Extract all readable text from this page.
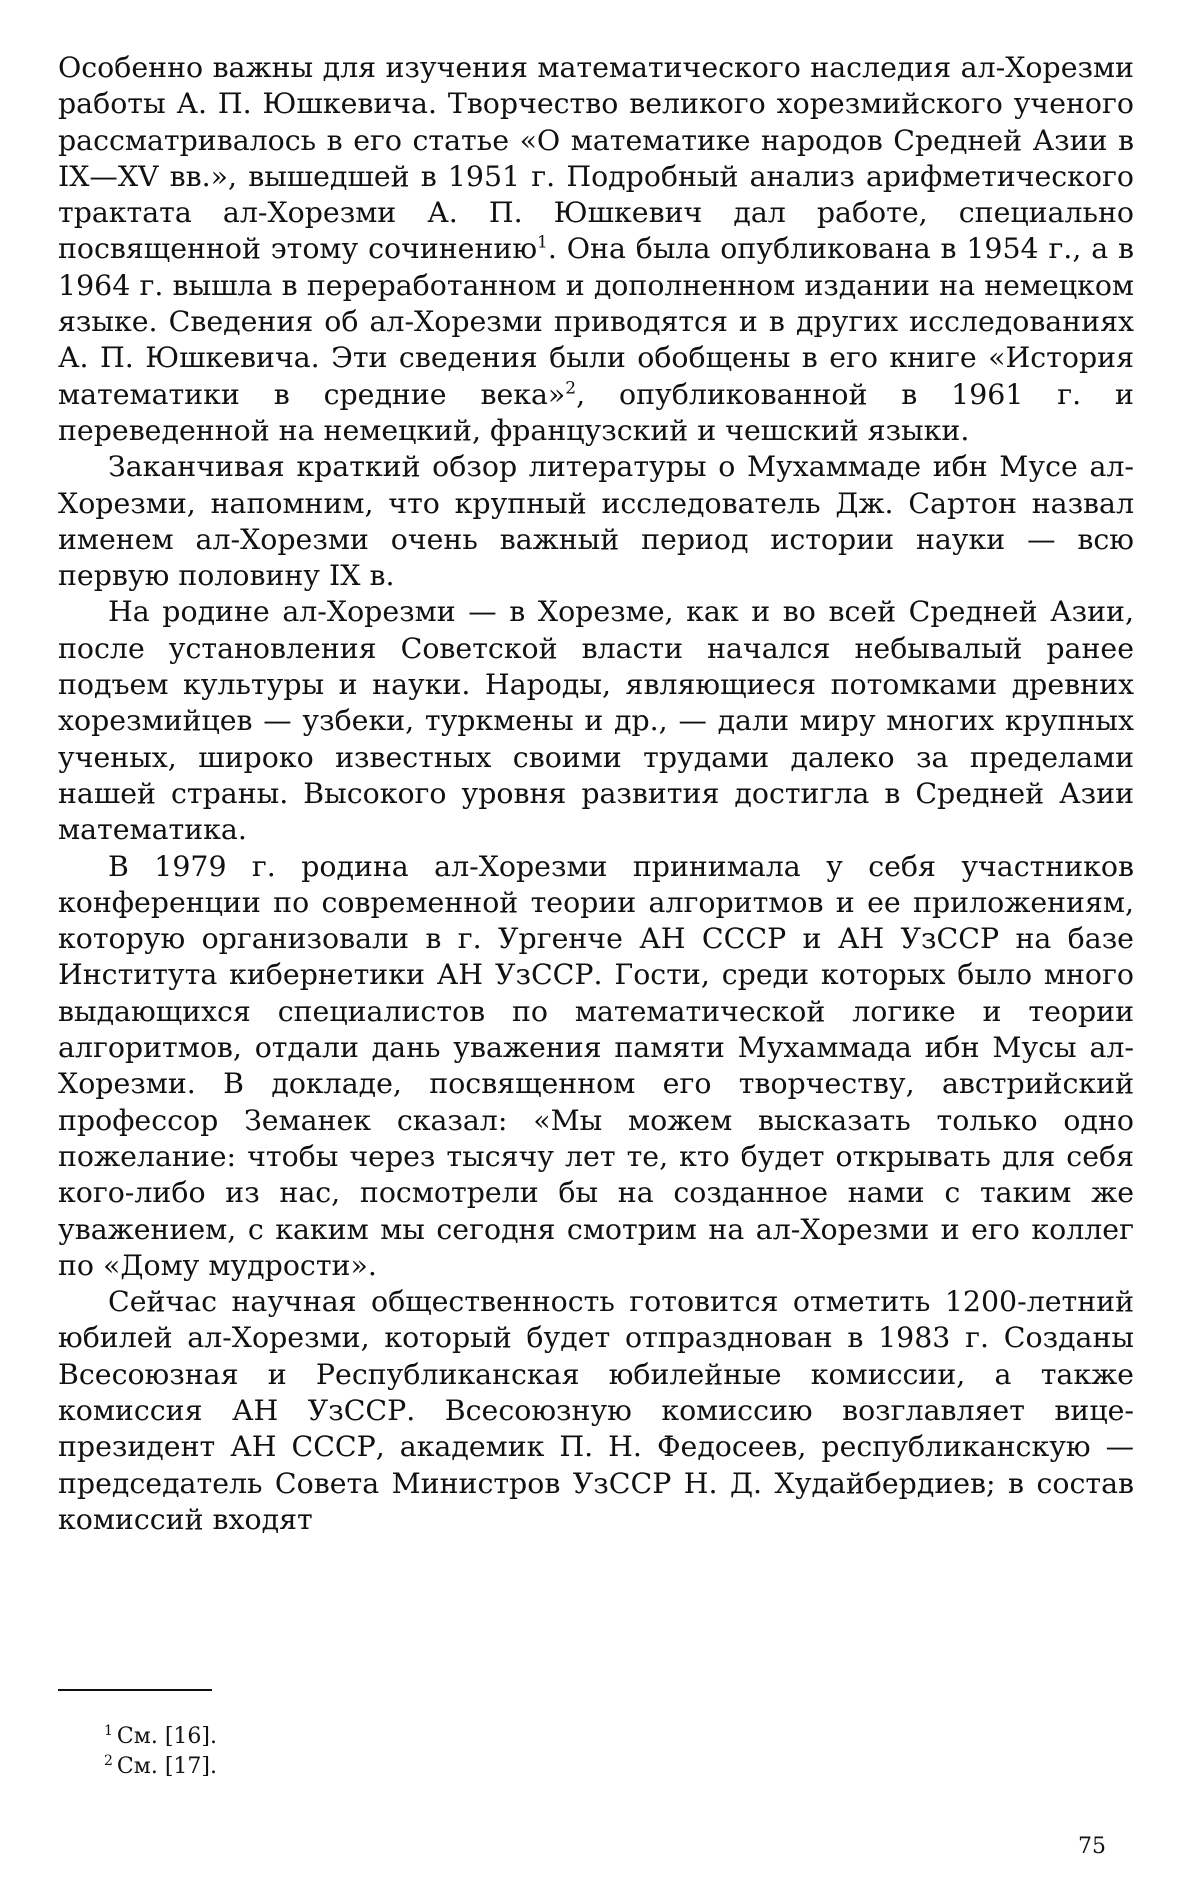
Особенно важны для изучения математического наследия ал-Хорезми работы А. П. Юшкевича. Творчество великого хорезмийского ученого рассматривалось в его статье «О математике народов Средней Азии в IX—XV вв.», вышедшей в 1951 г. Подробный анализ арифметического трактата ал-Хорезми А. П. Юшкевич дал работе, специально посвященной этому сочинению$^1$. Она была опубликована в 1954 г., а в 1964 г. вышла в переработанном и дополненном издании на немецком языке. Сведения об ал-Хорезми приводятся и в других исследованиях А. П. Юшкевича. Эти сведения были обобщены в его книге «История математики в средние века»$^2$, опубликованной в 1961 г. и переведенной на немецкий, французский и чешский языки.

Заканчивая краткий обзор литературы о Мухаммаде ибн Мусе ал-Хорезми, напомним, что крупный исследователь Дж. Сартон назвал именем ал-Хорезми очень важный период истории науки — всю первую половину IX в.

На родине ал-Хорезми — в Хорезме, как и во всей Средней Азии, после установления Советской власти начался небывалый ранее подъем культуры и науки. Народы, являющиеся потомками древних хорезмийцев — узбеки, туркмены и др., — дали миру многих крупных ученых, широко известных своими трудами далеко за пределами нашей страны. Высокого уровня развития достигла в Средней Азии математика.

В 1979 г. родина ал-Хорезми принимала у себя участников конференции по современной теории алгоритмов и ее приложениям, которую организовали в г. Ургенче АН СССР и АН УзССР на базе Института кибернетики АН УзССР. Гости, среди которых было много выдающихся специалистов по математической логике и теории алгоритмов, отдали дань уважения памяти Мухаммада ибн Мусы ал-Хорезми. В докладе, посвященном его творчеству, австрийский профессор Земанек сказал: «Мы можем высказать только одно пожелание: чтобы через тысячу лет те, кто будет открывать для себя кого-либо из нас, посмотрели бы на созданное нами с таким же уважением, с каким мы сегодня смотрим на ал-Хорезми и его коллег по «Дому мудрости».

Сейчас научная общественность готовится отметить 1200-летний юбилей ал-Хорезми, который будет отпразднован в 1983 г. Созданы Всесоюзная и Республиканская юбилейные комиссии, а также комиссия АН УзССР. Всесоюзную комиссию возглавляет вице-президент АН СССР, академик П. Н. Федосеев, республиканскую — председатель Совета Министров УзССР Н. Д. Худайбердиев; в состав комиссий входят

$^1$ См. [16].

$^2$ См. [17].

75
